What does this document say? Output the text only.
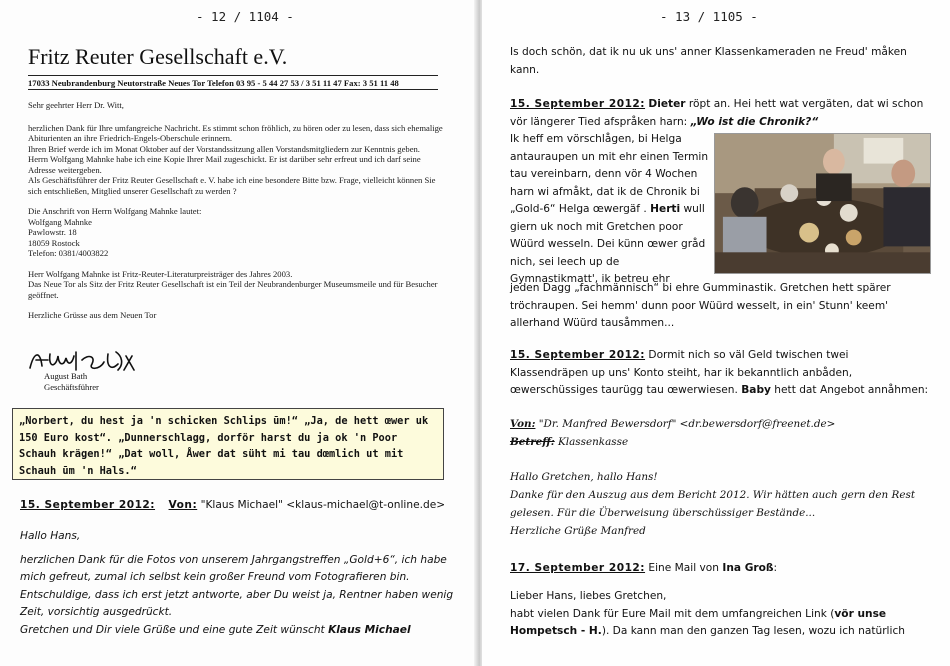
- 12 / 1104 -
Fritz Reuter Gesellschaft e.V.
17033 Neubrandenburg Neutorstraße Neues Tor Telefon 03 95 - 5 44 27 53 / 3 51 11 47 Fax: 3 51 11 48

Sehr geehrter Herr Dr. Witt,

herzlichen Dank für Ihre umfangreiche Nachricht. Es stimmt schon fröhlich, zu hören oder zu lesen, dass sich ehemalige Abiturienten an ihre Friedrich-Engels-Oberschule erinnern.

Ihren Brief werde ich im Monat Oktober auf der Vorstandssitzung allen Vorstandsmitgliedern zur Kenntnis geben.

Herrn Wolfgang Mahnke habe ich eine Kopie Ihrer Mail zugeschickt. Er ist darüber sehr erfreut und ich darf seine Adresse weitergeben.

Als Geschäftsführer der Fritz Reuter Gesellschaft e. V. habe ich eine besondere Bitte bzw. Frage, vielleicht können Sie sich entschließen, Mitglied unserer Gesellschaft zu werden ?

Die Anschrift von Herrn Wolfgang Mahnke lautet:

Wolfgang Mahnke

Pawlowstr. 18

18059 Rostock

Telefon: 0381/4003822

Herr Wolfgang Mahnke ist Fritz-Reuter-Literaturpreisträger des Jahres 2003.

Das Neue Tor als Sitz der Fritz Reuter Gesellschaft ist ein Teil der Neubrandenburger Museumsmeile und für Besucher geöffnet.

Herzliche Grüsse aus dem Neuen Tor

August Bath
Geschäftsführer
„Norbert, du hest ja 'n schicken Schlips ūm!“ „Ja, de hett œwer uk
150 Euro kost“. „Dunnerschlagg, dorför harst du ja ok 'n Poor
Schauh krägen!“ „Dat woll, Åwer dat süht mi tau dœmlich ut mit
Schauh ūm 'n Hals.“
15. September 2012: Von: "Klaus Michael" <klaus-michael@t-online.de>
Hallo Hans,
herzlichen Dank für die Fotos von unserem Jahrgangstreffen „Gold+6“, ich habe mich gefreut, zumal ich selbst kein großer Freund vom Fotografieren bin.
Entschuldige, dass ich erst jetzt antworte, aber Du weist ja, Rentner haben wenig Zeit, vorsichtig ausgedrückt.
Gretchen und Dir viele Grüße und eine gute Zeit wünscht Klaus Michael
- 13 / 1105 -
Is doch schön, dat ik nu uk uns' anner Klassenkameraden ne Freud' måken kann.
15. September 2012: Dieter röpt an. Hei hett wat vergäten, dat wi schon vör längerer Tied afspråken harn: „Wo ist die Chronik?“
Ik heff em vörschlågen, bi Helga antauraupen un mit ehr einen Termin tau vereinbarn, denn vör 4 Wochen harn wi afmåkt, dat ik de Chronik bi „Gold-6“ Helga œwergäf . Herti wull giern uk noch mit Gretchen poor Wüürd wesseln. Dei künn œwer gråd nich, sei leech up de Gymnastikmatt', ik betreu ehr
jeden Dagg „fachmännisch“ bi ehre Gumminastik. Gretchen hett spärer tröchraupen. Sei hemm' dunn poor Wüürd wesselt, in ein' Stunn' keem' allerhand Wüürd tausåmmen...
15. September 2012: Dormit nich so väl Geld twischen twei Klassendräpen up uns' Konto steiht, har ik bekanntlich anbåden, œwerschüssiges taurügg tau œwerwiesen. Baby hett dat Angebot annåhmen:
Von: "Dr. Manfred Bewersdorf" <dr.bewersdorf@freenet.de>
Betreff: Klassenkasse
Hallo Gretchen, hallo Hans!
Danke für den Auszug aus dem Bericht 2012. Wir hätten auch gern den Rest gelesen. Für die Überweisung überschüssiger Bestände...
Herzliche Grüße Manfred
17. September 2012: Eine Mail von Ina Groß:
Lieber Hans, liebes Gretchen,
habt vielen Dank für Eure Mail mit dem umfangreichen Link (vör unse Hompetsch - H.). Da kann man den ganzen Tag lesen, wozu ich natürlich
